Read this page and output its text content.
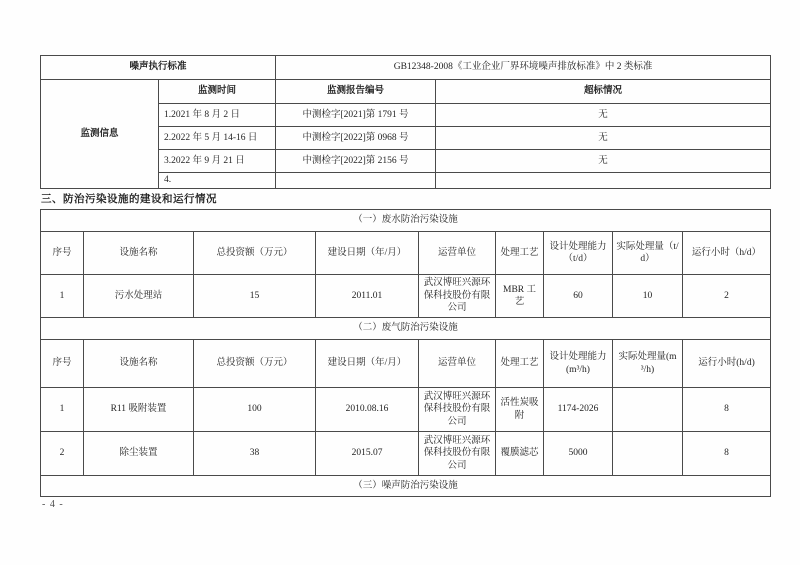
噪声执行标准		GB12348-2008《工业企业厂界环境噪声排放标准》中 2 类标准	
监测信息	监测时间	监测报告编号	超标情况
	1.2021 年 8 月 2 日	中测检字[2021]第 1791 号	无
	2.2022 年 5 月 14-16 日	中测检字[2022]第 0968 号	无
	3.2022 年 9 月 21 日	中测检字[2022]第 2156 号	无
	4.		
三、防治污染设施的建设和运行情况
（一）废水防治污染设施								
序号	设施名称	总投资额（万元）	建设日期（年/月）	运营单位	处理工艺	设计处理能力（t/d）	实际处理量（t/d）	运行小时（h/d）
1	污水处理站	15	2011.01	武汉博旺兴源环保科技股份有限公司	MBR 工艺	60	10	2
（二）废气防治污染设施								
序号	设施名称	总投资额（万元）	建设日期（年/月）	运营单位	处理工艺	设计处理能力(m³/h)	实际处理量(m³/h)	运行小时(h/d)
1	R11 吸附装置	100	2010.08.16	武汉博旺兴源环保科技股份有限公司	活性炭吸附	1174-2026		8
2	除尘装置	38	2015.07	武汉博旺兴源环保科技股份有限公司	覆膜滤芯	5000		8
（三）噪声防治污染设施								
- 4 -
